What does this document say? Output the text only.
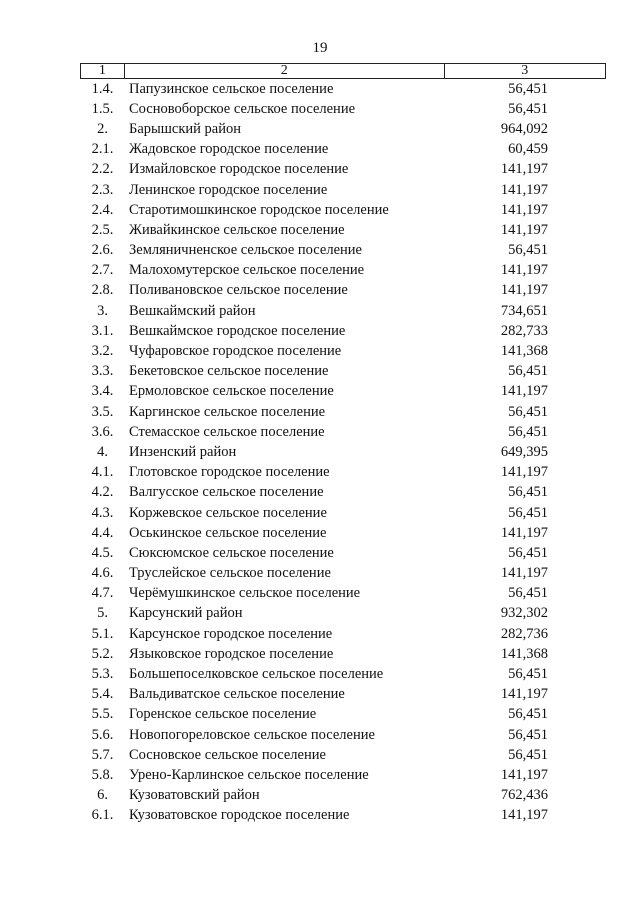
19
1	2	3
1.4.	Папузинское сельское поселение	56,451
1.5.	Сосновоборское сельское поселение	56,451
2.	Барышский район	964,092
2.1.	Жадовское городское поселение	60,459
2.2.	Измайловское городское поселение	141,197
2.3.	Ленинское городское поселение	141,197
2.4.	Старотимошкинское городское поселение	141,197
2.5.	Живайкинское сельское поселение	141,197
2.6.	Земляничненское сельское поселение	56,451
2.7.	Малохомутерское сельское поселение	141,197
2.8.	Поливановское сельское поселение	141,197
3.	Вешкаймский район	734,651
3.1.	Вешкаймское городское поселение	282,733
3.2.	Чуфаровское городское поселение	141,368
3.3.	Бекетовское сельское поселение	56,451
3.4.	Ермоловское сельское поселение	141,197
3.5.	Каргинское сельское поселение	56,451
3.6.	Стемасское сельское поселение	56,451
4.	Инзенский район	649,395
4.1.	Глотовское городское поселение	141,197
4.2.	Валгусское сельское поселение	56,451
4.3.	Коржевское сельское поселение	56,451
4.4.	Оськинское сельское поселение	141,197
4.5.	Сюксюмское сельское поселение	56,451
4.6.	Труслейское сельское поселение	141,197
4.7.	Черёмушкинское сельское поселение	56,451
5.	Карсунский район	932,302
5.1.	Карсунское городское поселение	282,736
5.2.	Языковское городское поселение	141,368
5.3.	Большепоселковское сельское поселение	56,451
5.4.	Вальдиватское сельское поселение	141,197
5.5.	Горенское сельское поселение	56,451
5.6.	Новопогореловское сельское поселение	56,451
5.7.	Сосновское сельское поселение	56,451
5.8.	Урено-Карлинское сельское поселение	141,197
6.	Кузоватовский район	762,436
6.1.	Кузоватовское городское поселение	141,197
